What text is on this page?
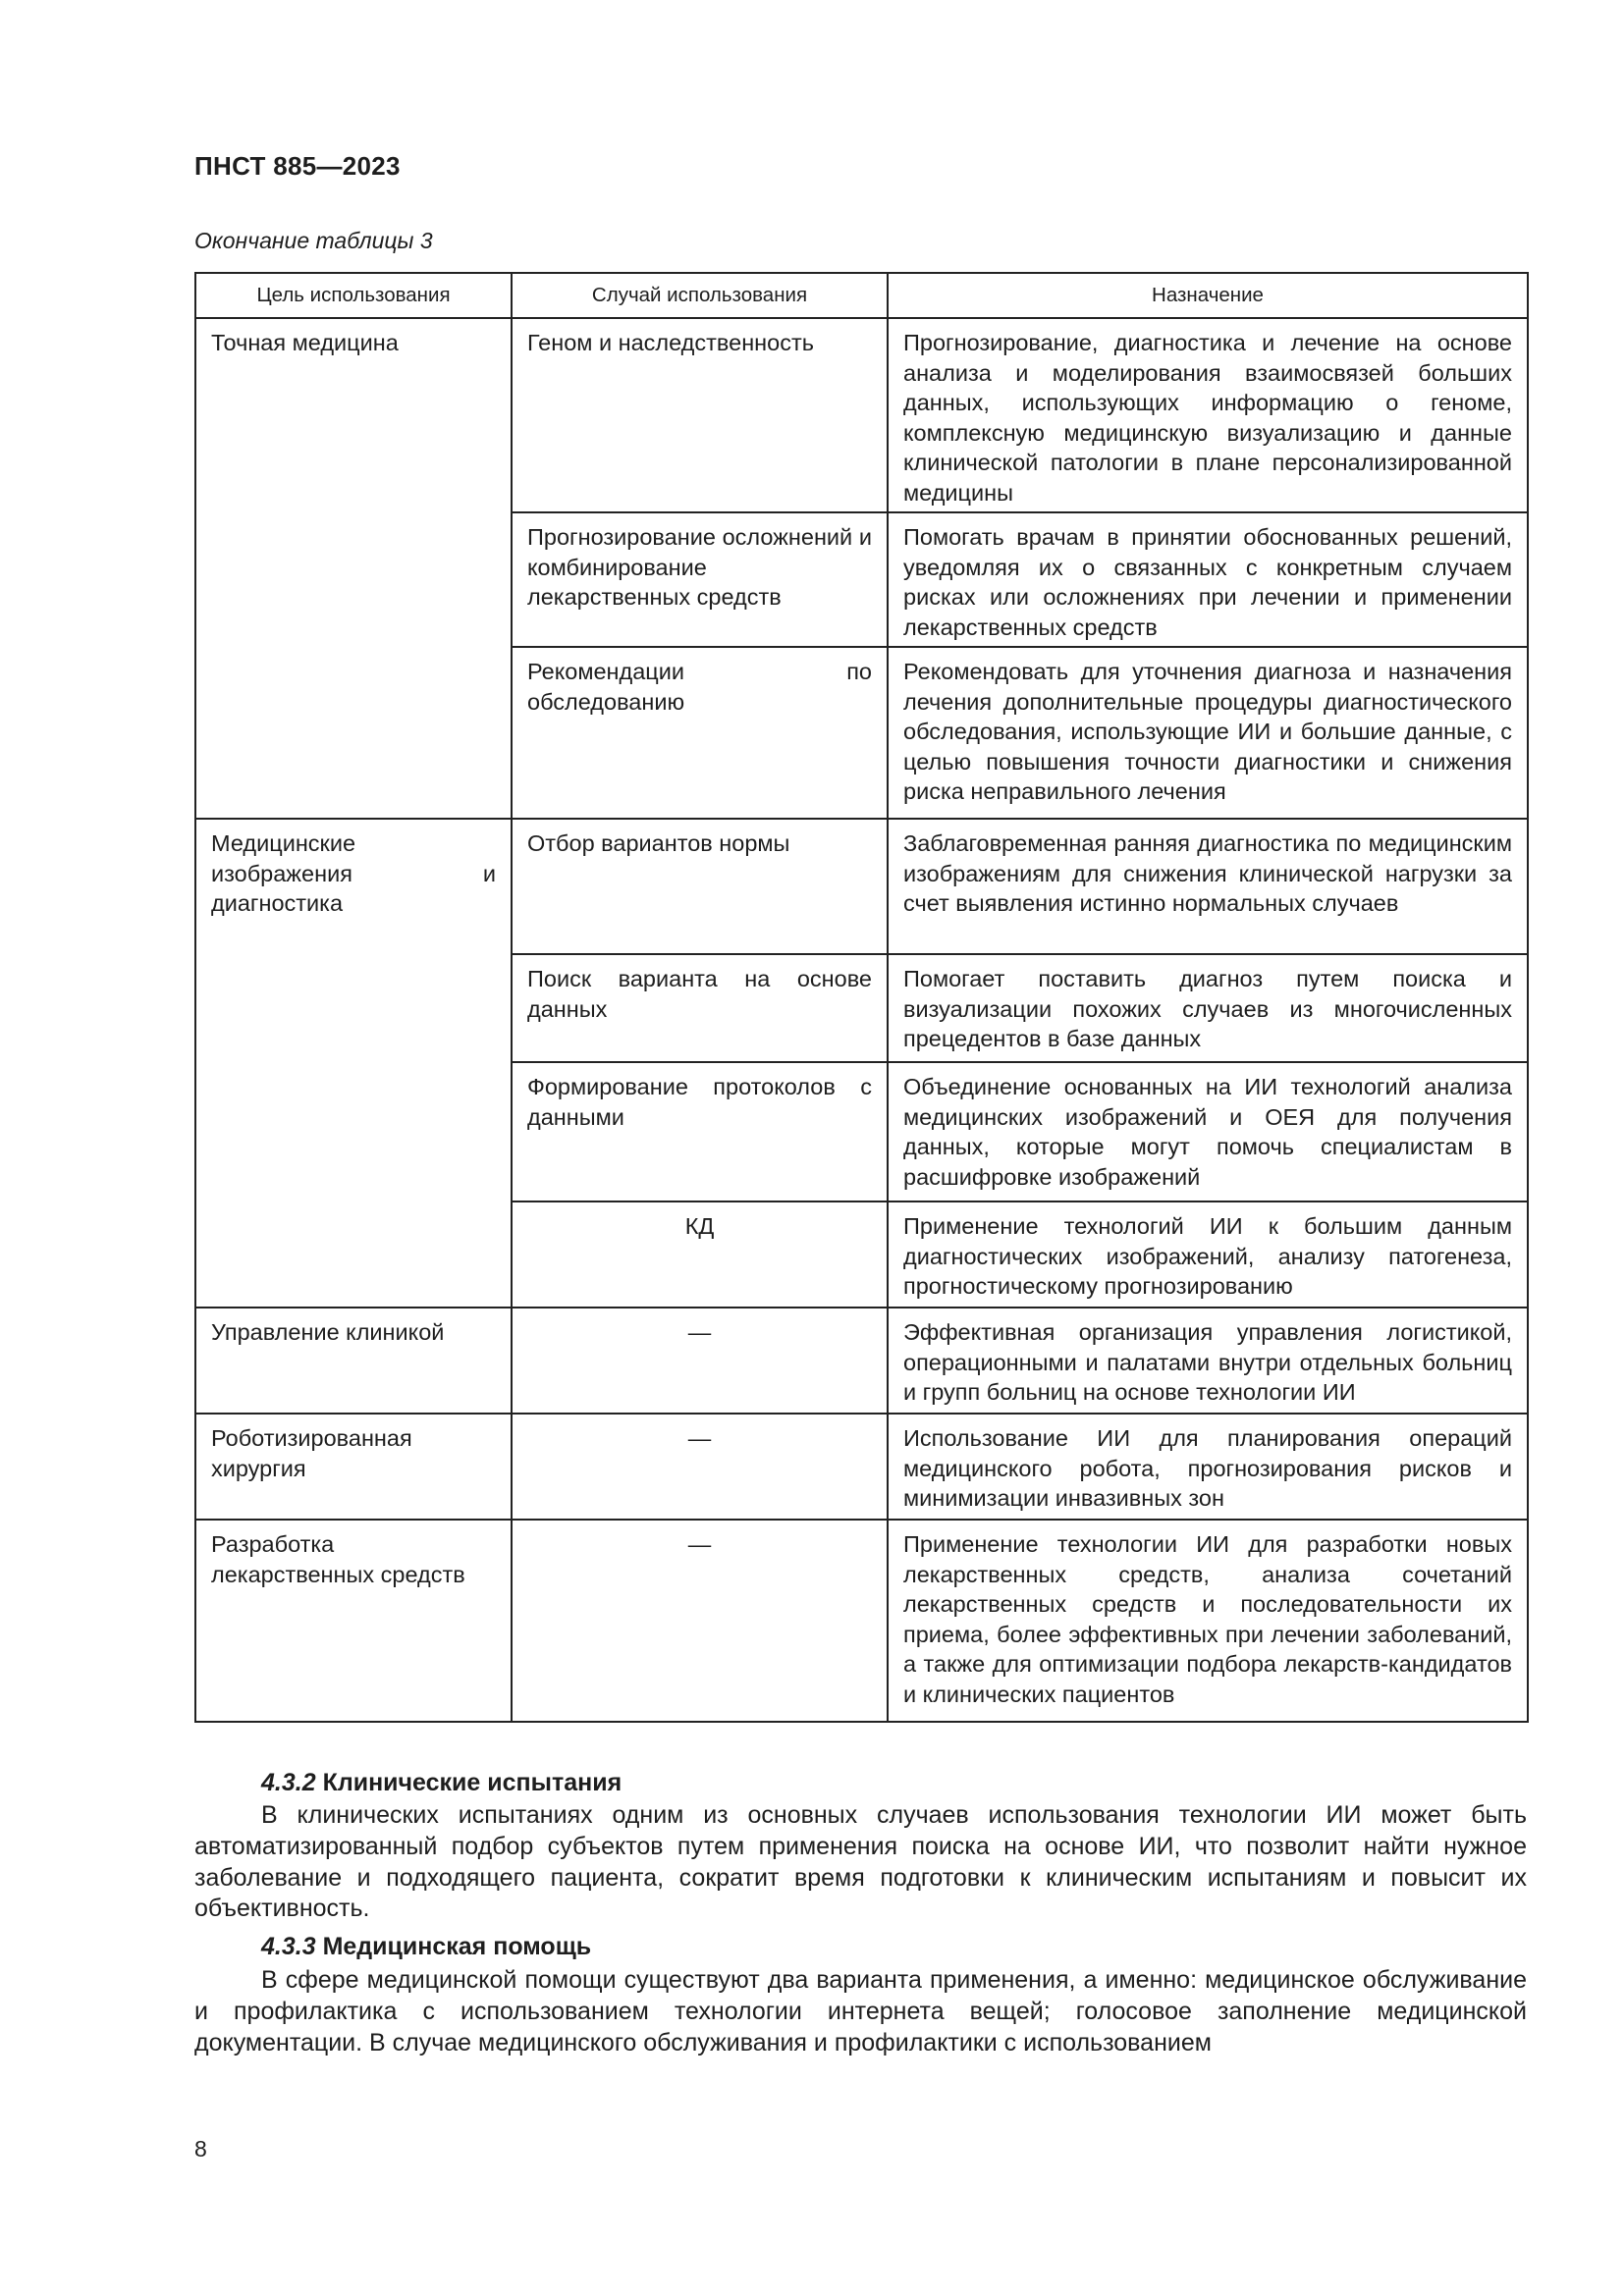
ПНСТ 885—2023
Окончание таблицы 3
Цель использования	Случай использования	Назначение
Точная медицина	Геном и наследственность	Прогнозирование, диагностика и лечение на основе анализа и моделирования взаимосвязей больших данных, использующих информацию о геноме, комплексную медицинскую визуализацию и данные клинической патологии в плане персонализированной медицины
	Прогнозирование осложнений и комбинирование лекарственных средств	Помогать врачам в принятии обоснованных решений, уведомляя их о связанных с конкретным случаем рисках или осложнениях при лечении и применении лекарственных средств
	Рекомендации по обследованию	Рекомендовать для уточнения диагноза и назначения лечения дополнительные процедуры диагностического обследования, использующие ИИ и большие данные, с целью повышения точности диагностики и снижения риска неправильного лечения
Медицинские изображения и диагностика	Отбор вариантов нормы	Заблаговременная ранняя диагностика по медицинским изображениям для снижения клинической нагрузки за счет выявления истинно нормальных случаев
	Поиск варианта на основе данных	Помогает поставить диагноз путем поиска и визуализации похожих случаев из многочисленных прецедентов в базе данных
	Формирование протоколов с данными	Объединение основанных на ИИ технологий анализа медицинских изображений и ОЕЯ для получения данных, которые могут помочь специалистам в расшифровке изображений
	КД	Применение технологий ИИ к большим данным диагностических изображений, анализу патогенеза, прогностическому прогнозированию
Управление клиникой	—	Эффективная организация управления логистикой, операционными и палатами внутри отдельных больниц и групп больниц на основе технологии ИИ
Роботизированная хирургия	—	Использование ИИ для планирования операций медицинского робота, прогнозирования рисков и минимизации инвазивных зон
Разработка лекарственных средств	—	Применение технологии ИИ для разработки новых лекарственных средств, анализа сочетаний лекарственных средств и последовательности их приема, более эффективных при лечении заболеваний, а также для оптимизации подбора лекарств-кандидатов и клинических пациентов
4.3.2 Клинические испытания
В клинических испытаниях одним из основных случаев использования технологии ИИ может быть автоматизированный подбор субъектов путем применения поиска на основе ИИ, что позволит найти нужное заболевание и подходящего пациента, сократит время подготовки к клиническим испытаниям и повысит их объективность.
4.3.3 Медицинская помощь
В сфере медицинской помощи существуют два варианта применения, а именно: медицинское обслуживание и профилактика с использованием технологии интернета вещей; голосовое заполнение медицинской документации. В случае медицинского обслуживания и профилактики с использованием
8
